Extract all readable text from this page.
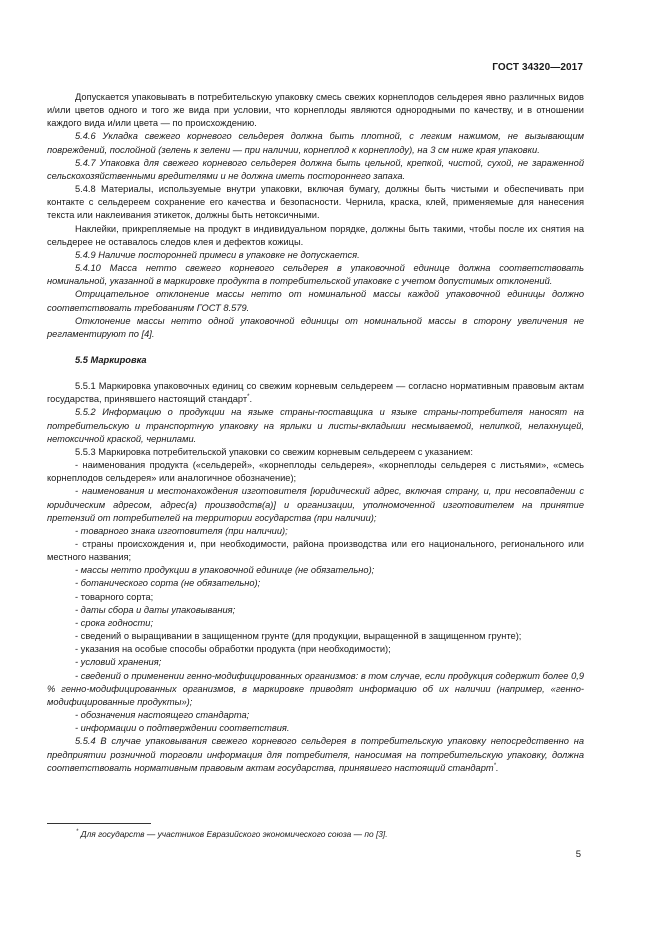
ГОСТ 34320—2017

Допускается упаковывать в потребительскую упаковку смесь свежих корнеплодов сельдерея явно различных видов и/или цветов одного и того же вида при условии, что корнеплоды являются однородными по качеству, и в отношении каждого вида и/или цвета — по происхождению.

5.4.6 Укладка свежего корневого сельдерея должна быть плотной, с легким нажимом, не вызывающим повреждений, послойной (зелень к зелени — при наличии, корнеплод к корнеплоду), на 3 см ниже края упаковки.

5.4.7 Упаковка для свежего корневого сельдерея должна быть цельной, крепкой, чистой, сухой, не зараженной сельскохозяйственными вредителями и не должна иметь постороннего запаха.

5.4.8 Материалы, используемые внутри упаковки, включая бумагу, должны быть чистыми и обеспечивать при контакте с сельдереем сохранение его качества и безопасности. Чернила, краска, клей, применяемые для нанесения текста или наклеивания этикеток, должны быть нетоксичными.

Наклейки, прикрепляемые на продукт в индивидуальном порядке, должны быть такими, чтобы после их снятия на сельдерее не оставалось следов клея и дефектов кожицы.

5.4.9 Наличие посторонней примеси в упаковке не допускается.

5.4.10 Масса нетто свежего корневого сельдерея в упаковочной единице должна соответствовать номинальной, указанной в маркировке продукта в потребительской упаковке с учетом допустимых отклонений.

Отрицательное отклонение массы нетто от номинальной массы каждой упаковочной единицы должно соответствовать требованиям ГОСТ 8.579.

Отклонение массы нетто одной упаковочной единицы от номинальной массы в сторону увеличения не регламентируют по [4].

5.5 Маркировка

5.5.1 Маркировка упаковочных единиц со свежим корневым сельдереем — согласно нормативным правовым актам государства, принявшего настоящий стандарт*.

5.5.2 Информацию о продукции на языке страны-поставщика и языке страны-потребителя наносят на потребительскую и транспортную упаковку на ярлыки и листы-вкладыши несмываемой, нелипкой, нелахнущей, нетоксичной краской, чернилами.

5.5.3 Маркировка потребительской упаковки со свежим корневым сельдереем с указанием:

- наименования продукта («сельдерей», «корнеплоды сельдерея», «корнеплоды сельдерея с листьями», «смесь корнеплодов сельдерея» или аналогичное обозначение);

- наименования и местонахождения изготовителя [юридический адрес, включая страну, и, при несовпадении с юридическим адресом, адрес(а) производств(а)] и организации, уполномоченной изготовителем на принятие претензий от потребителей на территории государства (при наличии);

- товарного знака изготовителя (при наличии);

- страны происхождения и, при необходимости, района производства или его национального, регионального или местного названия;

- массы нетто продукции в упаковочной единице (не обязательно);

- ботанического сорта (не обязательно);

- товарного сорта;

- даты сбора и даты упаковывания;

- срока годности;

- сведений о выращивании в защищенном грунте (для продукции, выращенной в защищенном грунте);

- указания на особые способы обработки продукта (при необходимости);

- условий хранения;

- сведений о применении генно-модифицированных организмов: в том случае, если продукция содержит более 0,9 % генно-модифицированных организмов, в маркировке приводят информацию об их наличии (например, «генно-модифицированные продукты»);

- обозначения настоящего стандарта;

- информации о подтверждении соответствия.

5.5.4 В случае упаковывания свежего корневого сельдерея в потребительскую упаковку непосредственно на предприятии розничной торговли информация для потребителя, наносимая на потребительскую упаковку, должна соответствовать нормативным правовым актам государства, принявшего настоящий стандарт*.

* Для государств — участников Евразийского экономического союза — по [3].
5
